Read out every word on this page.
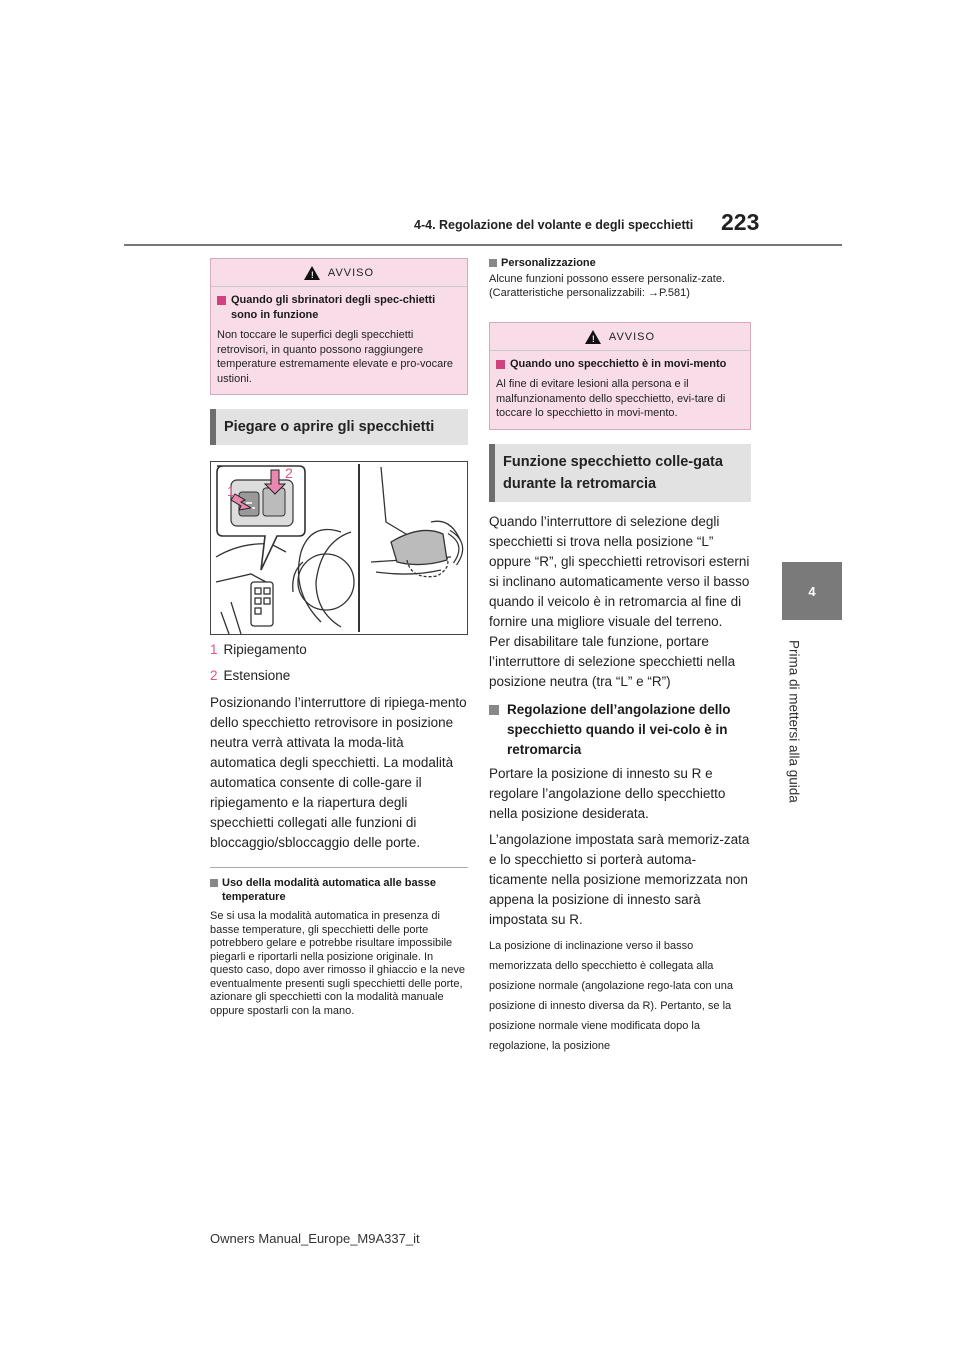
4-4. Regolazione del volante e degli specchietti 223
4
Prima di mettersi alla guida
! AVVISO
Quando gli sbrinatori degli spec-chietti sono in funzione
Non toccare le superfici degli specchietti retrovisori, in quanto possono raggiungere temperature estremamente elevate e pro-vocare ustioni.
Piegare o aprire gli specchietti
1
2
1 Ripiegamento
2 Estensione
Posizionando l’interruttore di ripiega-mento dello specchietto retrovisore in posizione neutra verrà attivata la moda-lità automatica degli specchietti. La modalità automatica consente di colle-gare il ripiegamento e la riapertura degli specchietti collegati alle funzioni di bloccaggio/sbloccaggio delle porte.
Uso della modalità automatica alle basse temperature
Se si usa la modalità automatica in presenza di basse temperature, gli specchietti delle porte potrebbero gelare e potrebbe risultare impossibile piegarli e riportarli nella posizione originale. In questo caso, dopo aver rimosso il ghiaccio e la neve eventualmente presenti sugli specchietti delle porte, azionare gli specchietti con la modalità manuale oppure spostarli con la mano.
Personalizzazione
Alcune funzioni possono essere personaliz-zate. (Caratteristiche personalizzabili: →P.581)
! AVVISO
Quando uno specchietto è in movi-mento
Al fine di evitare lesioni alla persona e il malfunzionamento dello specchietto, evi-tare di toccare lo specchietto in movi-mento.
Funzione specchietto colle-gata durante la retromarcia
Quando l’interruttore di selezione degli specchietti si trova nella posizione “L” oppure “R”, gli specchietti retrovisori esterni si inclinano automaticamente verso il basso quando il veicolo è in retromarcia al fine di fornire una migliore visuale del terreno.
Per disabilitare tale funzione, portare l’interruttore di selezione specchietti nella posizione neutra (tra “L” e “R”)
Regolazione dell’angolazione dello specchietto quando il vei-colo è in retromarcia
Portare la posizione di innesto su R e regolare l’angolazione dello specchietto nella posizione desiderata.
L’angolazione impostata sarà memoriz-zata e lo specchietto si porterà automa-ticamente nella posizione memorizzata non appena la posizione di innesto sarà impostata su R.
La posizione di inclinazione verso il basso memorizzata dello specchietto è collegata alla posizione normale (angolazione rego-lata con una posizione di innesto diversa da R). Pertanto, se la posizione normale viene modificata dopo la regolazione, la posizione
Owners Manual_Europe_M9A337_it
